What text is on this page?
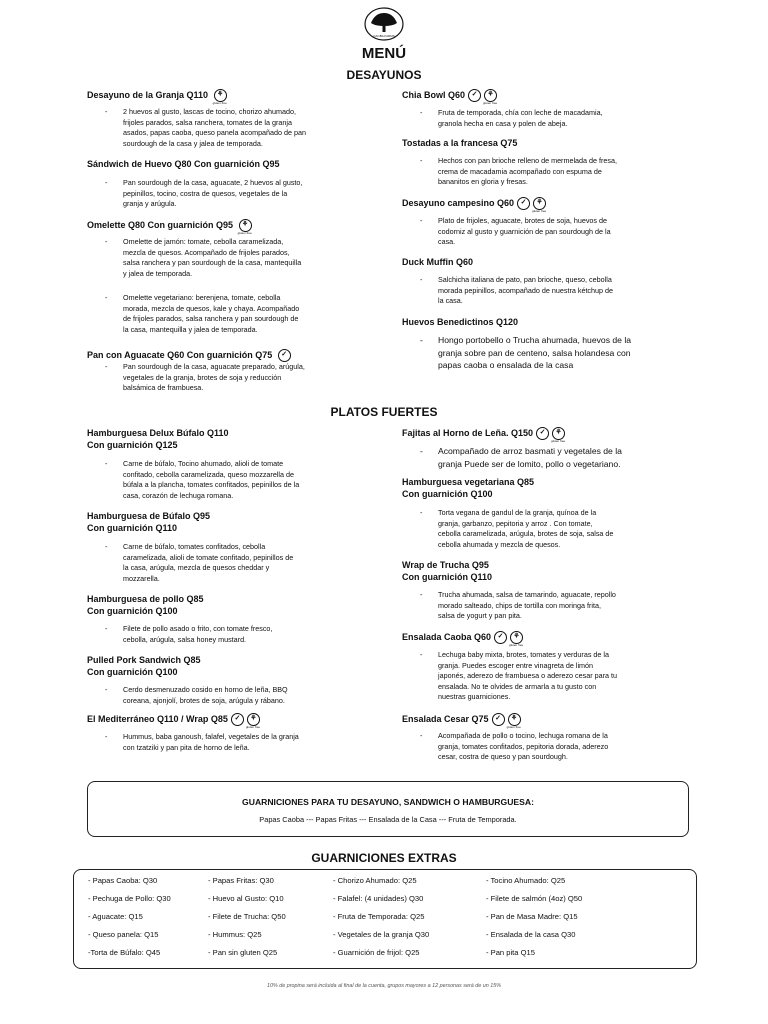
CAOBA FARMS
MENÚ
DESAYUNOS
Desayuno de la Granja Q110 ⚘
gluten free
- 2 huevos al gusto, lascas de tocino, chorizo ahumado,
frijoles parados, salsa ranchera, tomates de la granja
asados, papas caoba, queso panela acompañado de pan
sourdough de la casa y jalea de temporada.
Sándwich de Huevo Q80 Con guarnición Q95
- Pan sourdough de la casa, aguacate, 2 huevos al gusto,
pepinillos, tocino, costra de quesos, vegetales de la
granja y arúgula.
Omelette Q80 Con guarnición Q95 ⚘
gluten free
- Omelette de jamón: tomate, cebolla caramelizada,
mezcla de quesos. Acompañado de frijoles parados,
salsa ranchera y pan sourdough de la casa, mantequilla
y jalea de temporada.
- Omelette vegetariano: berenjena, tomate, cebolla
morada, mezcla de quesos, kale y chaya. Acompañado
de frijoles parados, salsa ranchera y pan sourdough de
la casa, mantequilla y jalea de temporada.
Pan con Aguacate Q60 Con guarnición Q75 ✓
- Pan sourdough de la casa, aguacate preparado, arúgula,
vegetales de la granja, brotes de soja y reducción
balsámica de frambuesa.
Chia Bowl Q60 ✓ ⚘
gluten free
- Fruta de temporada, chía con leche de macadamia,
granola hecha en casa y polen de abeja.
Tostadas a la francesa Q75
- Hechos con pan brioche relleno de mermelada de fresa,
crema de macadamia acompañado con espuma de
bananitos en gloria y fresas.
Desayuno campesino Q60 ✓ ⚘
gluten free
- Plato de frijoles, aguacate, brotes de soja, huevos de
codorniz al gusto y guarnición de pan sourdough de la
casa.
Duck Muffin Q60
- Salchicha italiana de pato, pan brioche, queso, cebolla
morada pepinillos, acompañado de nuestra kétchup de
la casa.
Huevos Benedictinos Q120
- Hongo portobello o Trucha ahumada, huevos de la
granja sobre pan de centeno, salsa holandesa con
papas caoba o ensalada de la casa
PLATOS FUERTES
Hamburguesa Delux Búfalo Q110
Con guarnición Q125
- Carne de búfalo, Tocino ahumado, alioli de tomate
confitado, cebolla caramelizada, queso mozzarella de
búfala a la plancha, tomates confitados, pepinillos de la
casa, corazón de lechuga romana.
Hamburguesa de Búfalo Q95
Con guarnición Q110
- Carne de búfalo, tomates confitados, cebolla
caramelizada, alioli de tomate confitado, pepinillos de
la casa, arúgula, mezcla de quesos cheddar y
mozzarella.
Hamburguesa de pollo Q85
Con guarnición Q100
- Filete de pollo asado o frito, con tomate fresco,
cebolla, arúgula, salsa honey mustard.
Pulled Pork Sandwich Q85
Con guarnición Q100
- Cerdo desmenuzado cosido en horno de leña, BBQ
coreana, ajonjolí, brotes de soja, arúgula y rábano.
El Mediterráneo Q110 / Wrap Q85 ✓ ⚘
gluten free
- Hummus, baba ganoush, falafel, vegetales de la granja
con tzatziki y pan pita de horno de leña.
Fajitas al Horno de Leña. Q150 ✓ ⚘
gluten free
- Acompañado de arroz basmati y vegetales de la
granja Puede ser de lomito, pollo o vegetariano.
Hamburguesa vegetariana Q85
Con guarnición Q100
- Torta vegana de gandul de la granja, quínoa de la
granja, garbanzo, pepitoria y arroz . Con tomate,
cebolla caramelizada, arúgula, brotes de soja, salsa de
cebolla ahumada y mezcla de quesos.
Wrap de Trucha Q95
Con guarnición Q110
- Trucha ahumada, salsa de tamarindo, aguacate, repollo
morado salteado, chips de tortilla con moringa frita,
salsa de yogurt y pan pita.
Ensalada Caoba Q60 ✓ ⚘
gluten free
- Lechuga baby mixta, brotes, tomates y verduras de la
granja. Puedes escoger entre vinagreta de limón
japonés, aderezo de frambuesa o aderezo cesar para tu
ensalada. No te olvides de armarla a tu gusto con
nuestras guarniciones.
Ensalada Cesar Q75 ✓ ⚘
gluten free
- Acompañada de pollo o tocino, lechuga romana de la
granja, tomates confitados, pepitoria dorada, aderezo
cesar, costra de queso y pan sourdough.
GUARNICIONES PARA TU DESAYUNO, SANDWICH O HAMBURGUESA:
Papas Caoba --- Papas Fritas --- Ensalada de la Casa --- Fruta de Temporada.
GUARNICIONES EXTRAS
- Papas Caoba: Q30
- Pechuga de Pollo: Q30
- Aguacate: Q15
- Queso panela: Q15
-Torta de Búfalo: Q45
- Papas Fritas: Q30
- Huevo al Gusto: Q10
- Filete de Trucha: Q50
- Hummus: Q25
- Pan sin gluten Q25
- Chorizo Ahumado: Q25
- Falafel: (4 unidades) Q30
- Fruta de Temporada: Q25
- Vegetales de la granja Q30
- Guarnición de frijol: Q25
- Tocino Ahumado: Q25
- Filete de salmón (4oz) Q50
- Pan de Masa Madre: Q15
- Ensalada de la casa Q30
- Pan pita Q15
10% de propina será incluida al final de la cuenta, grupos mayores a 12 personas será de un 15%
